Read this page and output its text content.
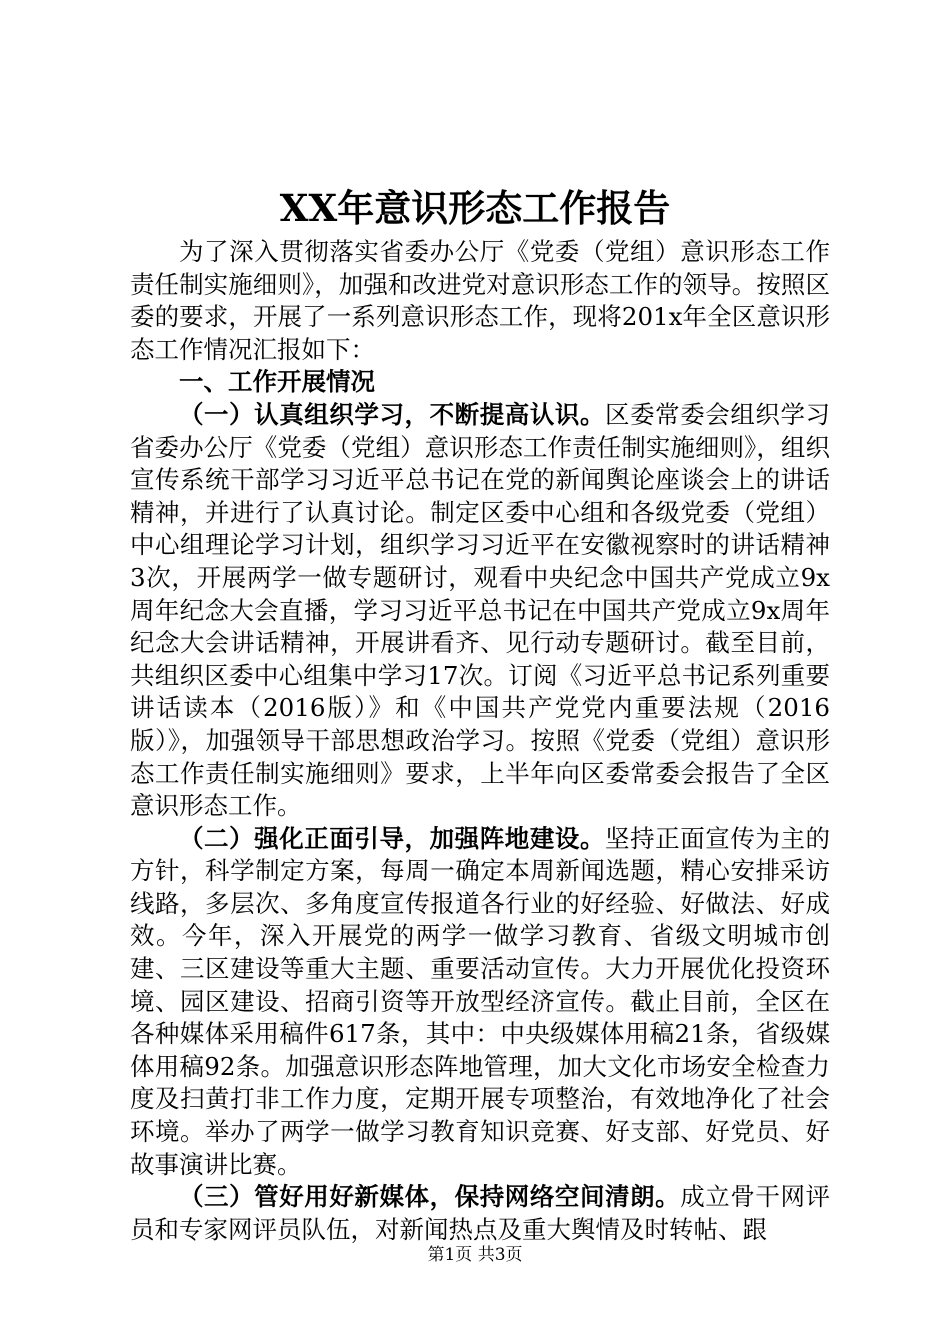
XX年意识形态工作报告

为了深入贯彻落实省委办公厅《党委（党组）意识形态工作责任制实施细则》，加强和改进党对意识形态工作的领导。按照区委的要求，开展了一系列意识形态工作，现将201x年全区意识形态工作情况汇报如下：

一、工作开展情况

（一）认真组织学习，不断提高认识。区委常委会组织学习省委办公厅《党委（党组）意识形态工作责任制实施细则》，组织宣传系统干部学习习近平总书记在党的新闻舆论座谈会上的讲话精神，并进行了认真讨论。制定区委中心组和各级党委（党组）中心组理论学习计划，组织学习习近平在安徽视察时的讲话精神3次，开展两学一做专题研讨，观看中央纪念中国共产党成立9x周年纪念大会直播，学习习近平总书记在中国共产党成立9x周年纪念大会讲话精神，开展讲看齐、见行动专题研讨。截至目前，共组织区委中心组集中学习17次。订阅《习近平总书记系列重要讲话读本（2016版）》和《中国共产党党内重要法规（2016版）》，加强领导干部思想政治学习。按照《党委（党组）意识形态工作责任制实施细则》要求，上半年向区委常委会报告了全区意识形态工作。

（二）强化正面引导，加强阵地建设。坚持正面宣传为主的方针，科学制定方案，每周一确定本周新闻选题，精心安排采访线路，多层次、多角度宣传报道各行业的好经验、好做法、好成效。今年，深入开展党的两学一做学习教育、省级文明城市创建、三区建设等重大主题、重要活动宣传。大力开展优化投资环境、园区建设、招商引资等开放型经济宣传。截止目前，全区在各种媒体采用稿件617条，其中：中央级媒体用稿21条，省级媒体用稿92条。加强意识形态阵地管理，加大文化市场安全检查力度及扫黄打非工作力度，定期开展专项整治，有效地净化了社会环境。举办了两学一做学习教育知识竞赛、好支部、好党员、好故事演讲比赛。

（三）管好用好新媒体，保持网络空间清朗。成立骨干网评员和专家网评员队伍，对新闻热点及重大舆情及时转帖、跟

第1页 共3页
